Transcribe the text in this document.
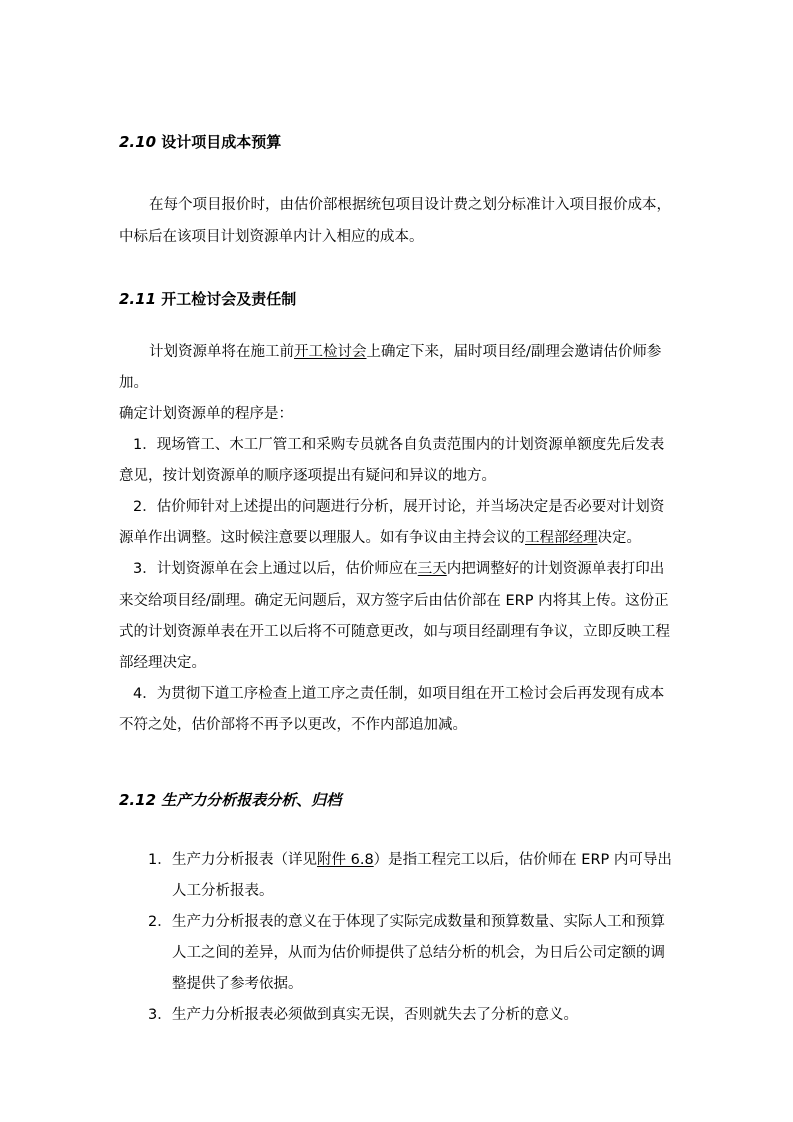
2.10 设计项目成本预算
在每个项目报价时，由估价部根据统包项目设计费之划分标准计入项目报价成本，
中标后在该项目计划资源单内计入相应的成本。
2.11 开工检讨会及责任制
计划资源单将在施工前开工检讨会上确定下来，届时项目经/副理会邀请估价师参
加。
确定计划资源单的程序是：
1．现场管工、木工厂管工和采购专员就各自负责范围内的计划资源单额度先后发表
意见，按计划资源单的顺序逐项提出有疑问和异议的地方。
2．估价师针对上述提出的问题进行分析，展开讨论，并当场决定是否必要对计划资
源单作出调整。这时候注意要以理服人。如有争议由主持会议的工程部经理决定。
3．计划资源单在会上通过以后，估价师应在三天内把调整好的计划资源单表打印出
来交给项目经/副理。确定无问题后，双方签字后由估价部在 ERP 内将其上传。这份正
式的计划资源单表在开工以后将不可随意更改，如与项目经副理有争议，立即反映工程
部经理决定。
4．为贯彻下道工序检查上道工序之责任制，如项目组在开工检讨会后再发现有成本
不符之处，估价部将不再予以更改，不作内部追加减。
2.12 生产力分析报表分析、归档
1． 生产力分析报表（详见附件 6.8）是指工程完工以后，估价师在 ERP 内可导出
人工分析报表。
2． 生产力分析报表的意义在于体现了实际完成数量和预算数量、实际人工和预算
人工之间的差异，从而为估价师提供了总结分析的机会，为日后公司定额的调
整提供了参考依据。
3． 生产力分析报表必须做到真实无误，否则就失去了分析的意义。
